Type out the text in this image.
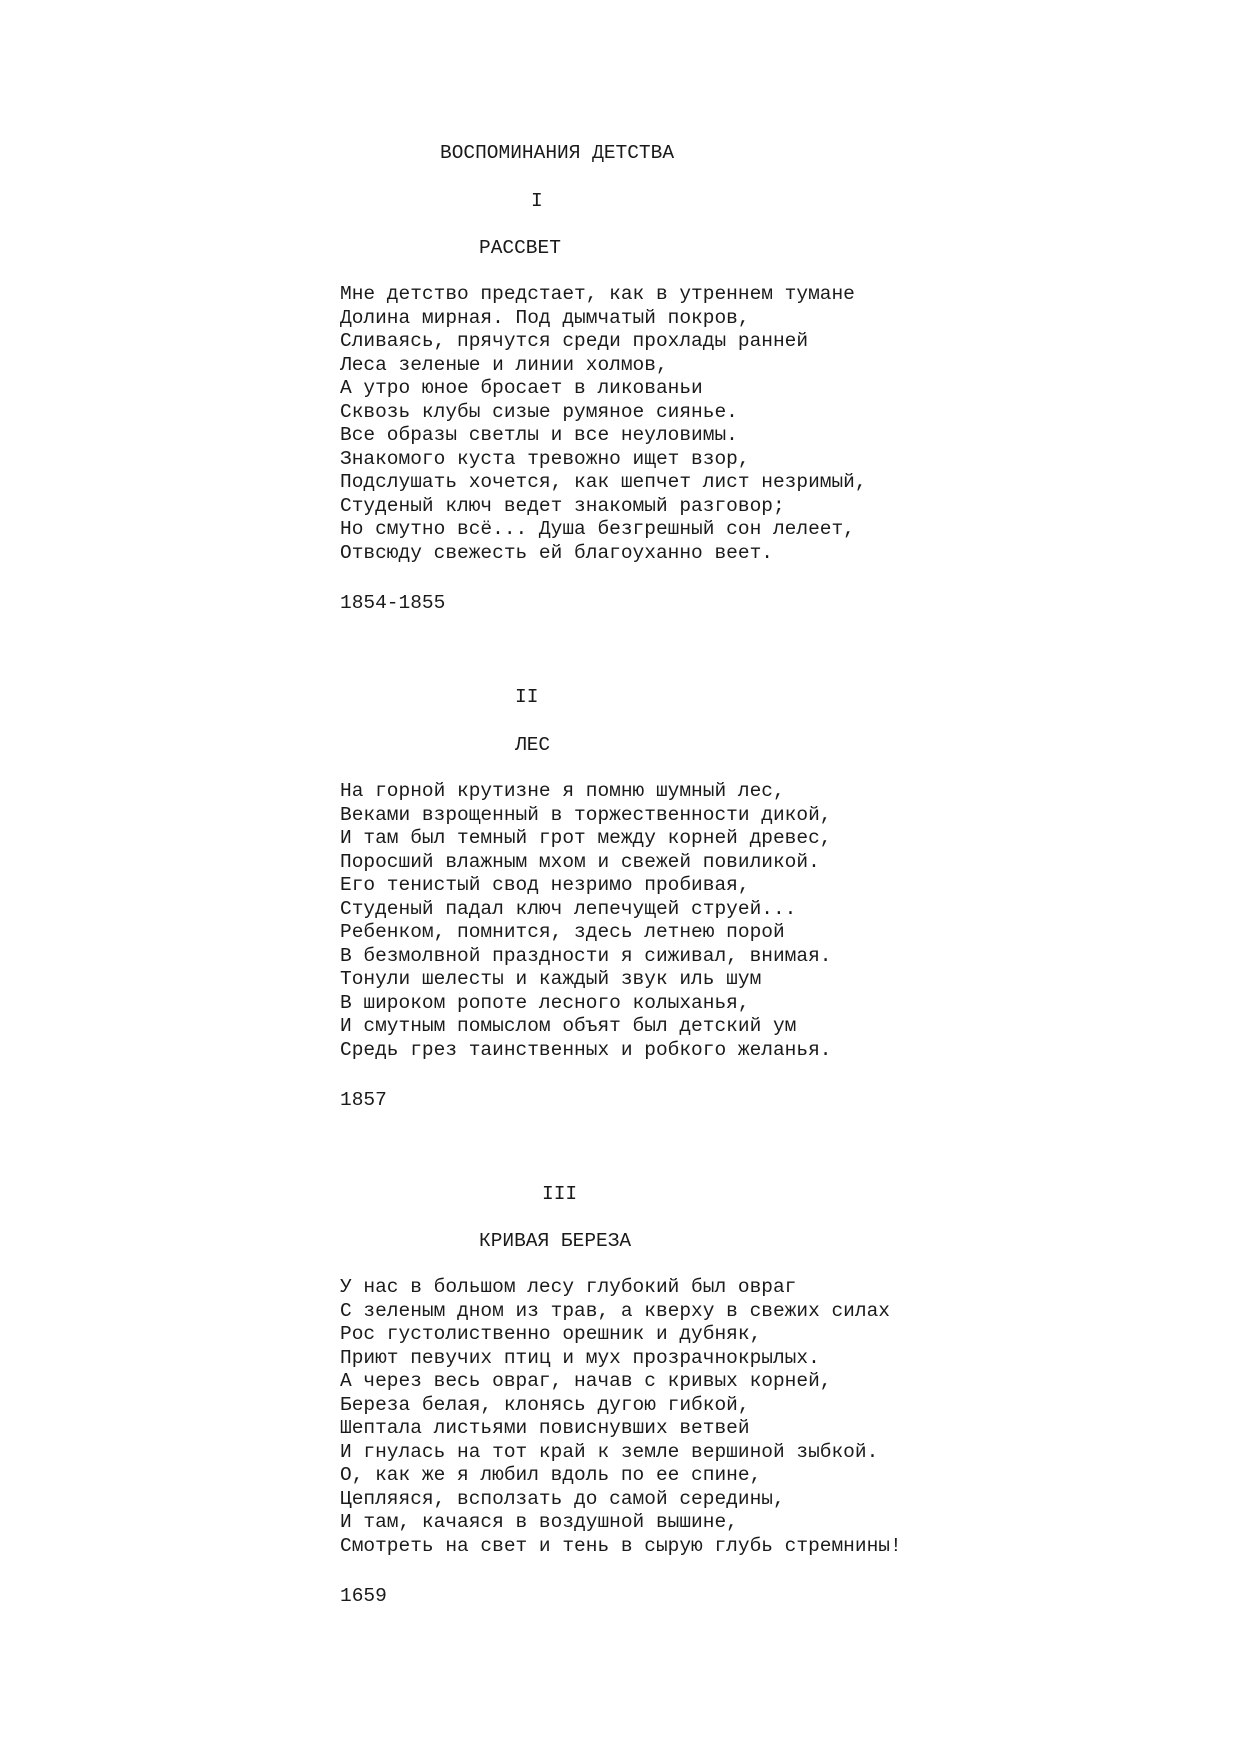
ВОСПОМИНАНИЯ ДЕТСТВА

I

РАССВЕТ

Мне детство предстает, как в утреннем тумане
Долина мирная. Под дымчатый покров,
Сливаясь, прячутся среди прохлады ранней
Леса зеленые и линии холмов,
А утро юное бросает в ликованьи
Сквозь клубы сизые румяное сиянье.
Все образы светлы и все неуловимы.
Знакомого куста тревожно ищет взор,
Подслушать хочется, как шепчет лист незримый,
Студеный ключ ведет знакомый разговор;
Но смутно всё... Душа безгрешный сон лелеет,
Отвсюду свежесть ей благоуханно веет.

1854-1855

II

ЛЕС

На горной крутизне я помню шумный лес,
Веками взрощенный в торжественности дикой,
И там был темный грот между корней древес,
Поросший влажным мхом и свежей повиликой.
Его тенистый свод незримо пробивая,
Студеный падал ключ лепечущей струей...
Ребенком, помнится, здесь летнею порой
В безмолвной праздности я сиживал, внимая.
Тонули шелесты и каждый звук иль шум
В широком ропоте лесного колыханья,
И смутным помыслом объят был детский ум
Средь грез таинственных и робкого желанья.

1857

III

КРИВАЯ БЕРЕЗА

У нас в большом лесу глубокий был овраг
С зеленым дном из трав, а кверху в свежих силах
Рос густолиственно орешник и дубняк,
Приют певучих птиц и мух прозрачнокрылых.
А через весь овраг, начав с кривых корней,
Береза белая, клонясь дугою гибкой,
Шептала листьями повиснувших ветвей
И гнулась на тот край к земле вершиной зыбкой.
О, как же я любил вдоль по ее спине,
Цепляяся, всползать до самой середины,
И там, качаяся в воздушной вышине,
Смотреть на свет и тень в сырую глубь стремнины!

1659
